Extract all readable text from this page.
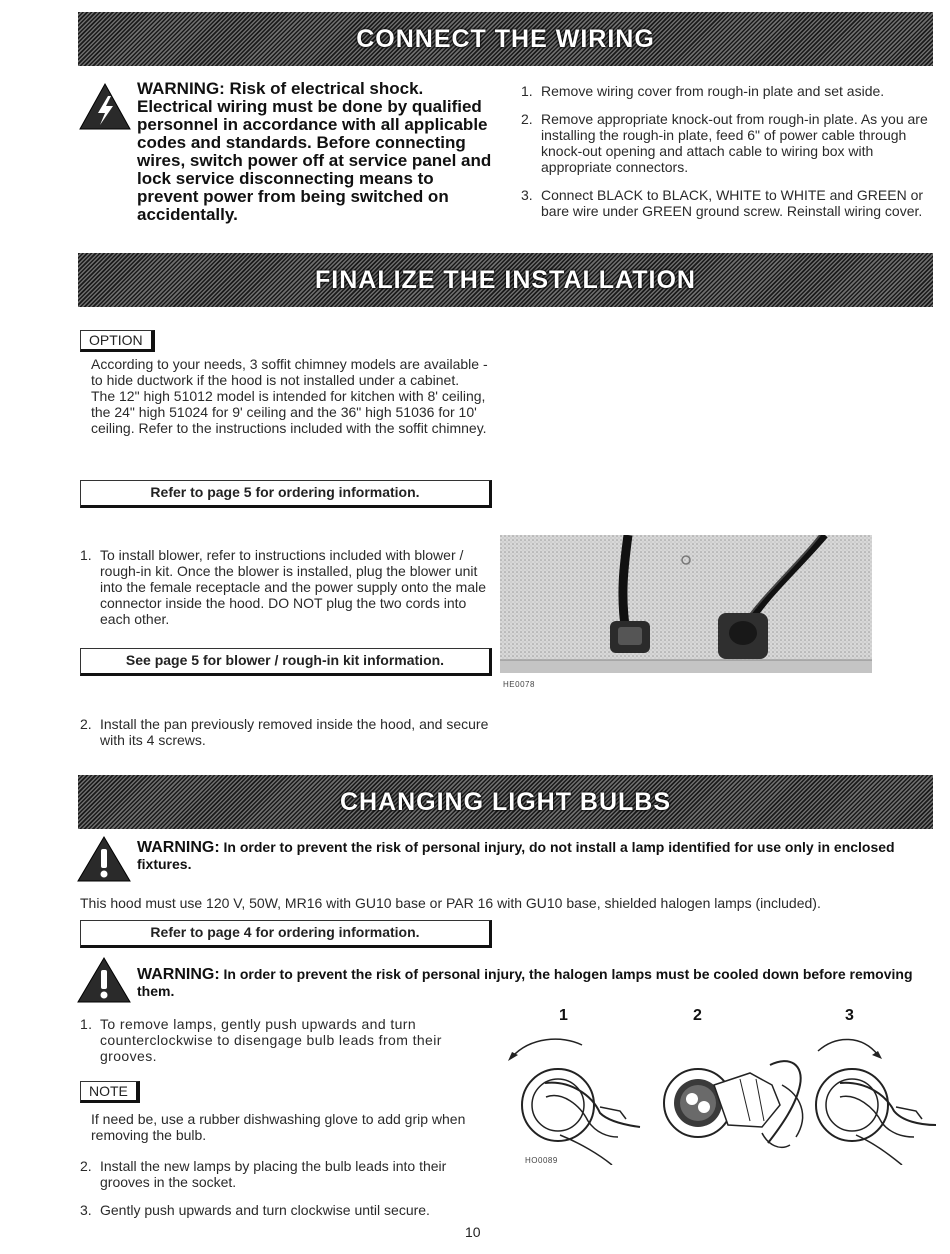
CONNECT THE WIRING
WARNING: Risk of electrical shock. Electrical wiring must be done by qualified personnel in accordance with all applicable codes and standards. Before connecting wires, switch power off at service panel and lock service disconnecting means to prevent power from being switched on accidentally.
1. Remove wiring cover from rough-in plate and set aside.
2. Remove appropriate knock-out from rough-in plate. As you are installing the rough-in plate, feed 6" of power cable through knock-out opening and attach cable to wiring box with appropriate connectors.
3. Connect BLACK to BLACK, WHITE to WHITE and GREEN or bare wire under GREEN ground screw. Reinstall wiring cover.
FINALIZE THE INSTALLATION
OPTION
According to your needs, 3 soffit chimney models are available - to hide ductwork if the hood is not installed under a cabinet.
The 12" high 51012 model is intended for kitchen with 8' ceiling, the 24" high 51024 for 9' ceiling and the 36" high 51036 for 10' ceiling. Refer to the instructions included with the soffit chimney.
Refer to page 5 for ordering information.
1. To install blower, refer to instructions included with blower / rough-in kit. Once the blower is installed, plug the blower unit into the female receptacle and the power supply onto the male connector inside the hood. DO NOT plug the two cords into each other.
See page 5 for blower / rough-in kit information.
HE0078
2. Install the pan previously removed inside the hood, and secure with its 4 screws.
CHANGING LIGHT BULBS
WARNING: In order to prevent the risk of personal injury, do not install a lamp identified for use only in enclosed fixtures.
This hood must use 120 V, 50W, MR16 with GU10 base or PAR 16 with GU10 base, shielded halogen lamps (included).
Refer to page 4 for ordering information.
WARNING: In order to prevent the risk of personal injury, the halogen lamps must be cooled down before removing them.
1. To remove lamps, gently push upwards and turn counterclockwise to disengage bulb leads from their grooves.
NOTE
If need be, use a rubber dishwashing glove to add grip when removing the bulb.
2. Install the new lamps by placing the bulb leads into their grooves in the socket.
3. Gently push upwards and turn clockwise until secure.
1	2	3
HO0089
10
